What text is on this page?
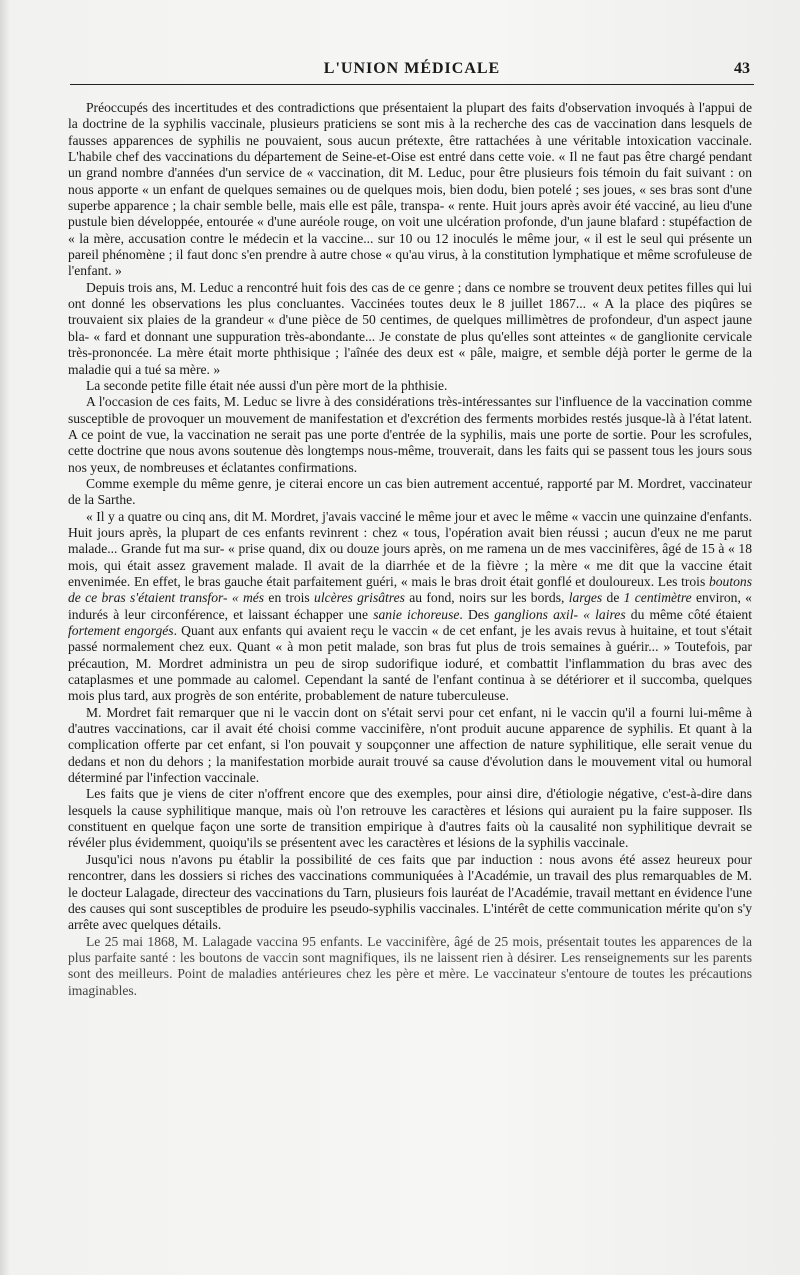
L'UNION MÉDICALE	43

Préoccupés des incertitudes et des contradictions que présentaient la plupart des faits d'observation invoqués à l'appui de la doctrine de la syphilis vaccinale, plusieurs praticiens se sont mis à la recherche des cas de vaccination dans lesquels de fausses apparences de syphilis ne pouvaient, sous aucun prétexte, être rattachées à une véritable intoxication vaccinale. L'habile chef des vaccinations du département de Seine-et-Oise est entré dans cette voie. « Il ne faut pas être chargé pendant un grand nombre d'années d'un service de « vaccination, dit M. Leduc, pour être plusieurs fois témoin du fait suivant : on nous apporte « un enfant de quelques semaines ou de quelques mois, bien dodu, bien potelé ; ses joues, « ses bras sont d'une superbe apparence ; la chair semble belle, mais elle est pâle, transpa- « rente. Huit jours après avoir été vacciné, au lieu d'une pustule bien développée, entourée « d'une auréole rouge, on voit une ulcération profonde, d'un jaune blafard : stupéfaction de « la mère, accusation contre le médecin et la vaccine... sur 10 ou 12 inoculés le même jour, « il est le seul qui présente un pareil phénomène ; il faut donc s'en prendre à autre chose « qu'au virus, à la constitution lymphatique et même scrofuleuse de l'enfant. »

Depuis trois ans, M. Leduc a rencontré huit fois des cas de ce genre ; dans ce nombre se trouvent deux petites filles qui lui ont donné les observations les plus concluantes. Vaccinées toutes deux le 8 juillet 1867... « A la place des piqûres se trouvaient six plaies de la grandeur « d'une pièce de 50 centimes, de quelques millimètres de profondeur, d'un aspect jaune bla- « fard et donnant une suppuration très-abondante... Je constate de plus qu'elles sont atteintes « de ganglionite cervicale très-prononcée. La mère était morte phthisique ; l'aînée des deux est « pâle, maigre, et semble déjà porter le germe de la maladie qui a tué sa mère. »

La seconde petite fille était née aussi d'un père mort de la phthisie.

A l'occasion de ces faits, M. Leduc se livre à des considérations très-intéressantes sur l'influence de la vaccination comme susceptible de provoquer un mouvement de manifestation et d'excrétion des ferments morbides restés jusque-là à l'état latent. A ce point de vue, la vaccination ne serait pas une porte d'entrée de la syphilis, mais une porte de sortie. Pour les scrofules, cette doctrine que nous avons soutenue dès longtemps nous-même, trouverait, dans les faits qui se passent tous les jours sous nos yeux, de nombreuses et éclatantes confirmations.

Comme exemple du même genre, je citerai encore un cas bien autrement accentué, rapporté par M. Mordret, vaccinateur de la Sarthe.

« Il y a quatre ou cinq ans, dit M. Mordret, j'avais vacciné le même jour et avec le même « vaccin une quinzaine d'enfants. Huit jours après, la plupart de ces enfants revinrent : chez « tous, l'opération avait bien réussi ; aucun d'eux ne me parut malade... Grande fut ma sur- « prise quand, dix ou douze jours après, on me ramena un de mes vaccinifères, âgé de 15 à « 18 mois, qui était assez gravement malade. Il avait de la diarrhée et de la fièvre ; la mère « me dit que la vaccine était envenimée. En effet, le bras gauche était parfaitement guéri, « mais le bras droit était gonflé et douloureux. Les trois boutons de ce bras s'étaient transfor- « més en trois ulcères grisâtres au fond, noirs sur les bords, larges de 1 centimètre environ, « indurés à leur circonférence, et laissant échapper une sanie ichoreuse. Des ganglions axil- « laires du même côté étaient fortement engorgés. Quant aux enfants qui avaient reçu le vaccin « de cet enfant, je les avais revus à huitaine, et tout s'était passé normalement chez eux. Quant « à mon petit malade, son bras fut plus de trois semaines à guérir... » Toutefois, par précaution, M. Mordret administra un peu de sirop sudorifique ioduré, et combattit l'inflammation du bras avec des cataplasmes et une pommade au calomel. Cependant la santé de l'enfant continua à se détériorer et il succomba, quelques mois plus tard, aux progrès de son entérite, probablement de nature tuberculeuse.

M. Mordret fait remarquer que ni le vaccin dont on s'était servi pour cet enfant, ni le vaccin qu'il a fourni lui-même à d'autres vaccinations, car il avait été choisi comme vaccinifère, n'ont produit aucune apparence de syphilis. Et quant à la complication offerte par cet enfant, si l'on pouvait y soupçonner une affection de nature syphilitique, elle serait venue du dedans et non du dehors ; la manifestation morbide aurait trouvé sa cause d'évolution dans le mouvement vital ou humoral déterminé par l'infection vaccinale.

Les faits que je viens de citer n'offrent encore que des exemples, pour ainsi dire, d'étiologie négative, c'est-à-dire dans lesquels la cause syphilitique manque, mais où l'on retrouve les caractères et lésions qui auraient pu la faire supposer. Ils constituent en quelque façon une sorte de transition empirique à d'autres faits où la causalité non syphilitique devrait se révéler plus évidemment, quoiqu'ils se présentent avec les caractères et lésions de la syphilis vaccinale.

Jusqu'ici nous n'avons pu établir la possibilité de ces faits que par induction : nous avons été assez heureux pour rencontrer, dans les dossiers si riches des vaccinations communiquées à l'Académie, un travail des plus remarquables de M. le docteur Lalagade, directeur des vaccinations du Tarn, plusieurs fois lauréat de l'Académie, travail mettant en évidence l'une des causes qui sont susceptibles de produire les pseudo-syphilis vaccinales. L'intérêt de cette communication mérite qu'on s'y arrête avec quelques détails.

Le 25 mai 1868, M. Lalagade vaccina 95 enfants. Le vaccinifère, âgé de 25 mois, présentait toutes les apparences de la plus parfaite santé : les boutons de vaccin sont magnifiques, ils ne laissent rien à désirer. Les renseignements sur les parents sont des meilleurs. Point de maladies antérieures chez les père et mère. Le vaccinateur s'entoure de toutes les précautions imaginables.
